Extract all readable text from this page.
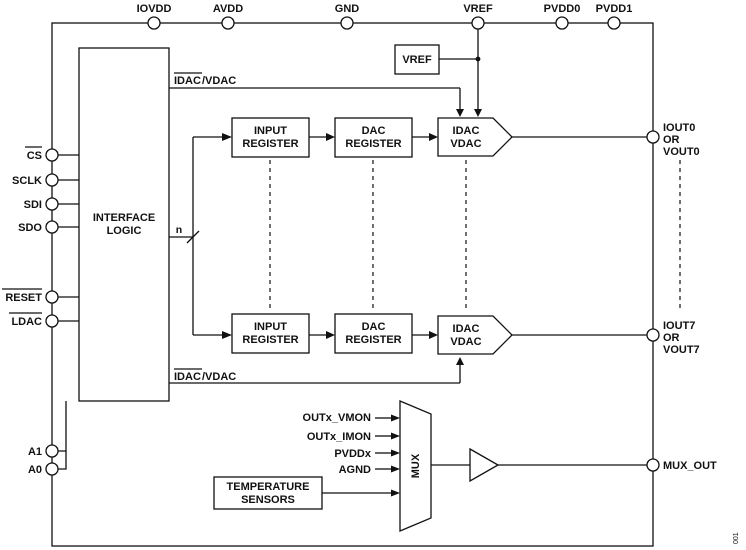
IOVDD	AVDD	GND	VREF	PVDD0 PVDD1
VREF
INTERFACE
LOGIC
CS
SCLK
SDI
SDO
RESET
LDAC
A1
A0
IDAC /VDAC
IDAC /VDAC
n
INPUT
REGISTER
DAC
REGISTER
IDAC
VDAC
INPUT
REGISTER
DAC
REGISTER
IDAC
VDAC
IOUT0
OR
VOUT0
IOUT7
OR
VOUT7
MUX_OUT
MUX
OUTx_VMON
OUTx_IMON
PVDDx
AGND
TEMPERATURE
SENSORS
001
